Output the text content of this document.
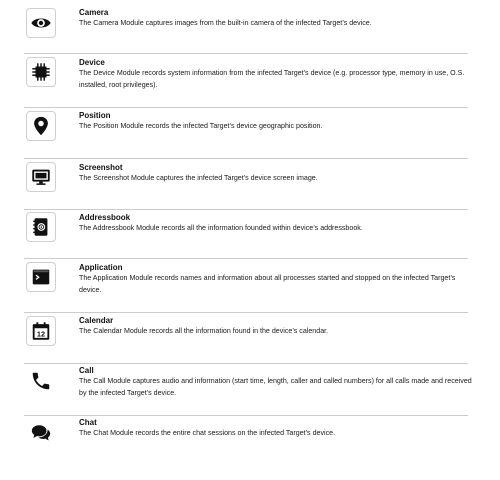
Camera
The Camera Module captures images from the built-in camera of the infected Target’s device.
Device
The Device Module records system information from the infected Target’s device (e.g. processor type, memory in use, O.S. installed, root privileges).
Position
The Position Module records the infected Target’s device geographic position.
Screenshot
The Screenshot Module captures the infected Target’s device screen image.
Addressbook
The Addressbook Module records all the information founded within device’s addressbook.
Application
The Application Module records names and information about all processes started and stopped on the infected Target’s device.
12
Calendar
The Calendar Module records all the information found in the device’s calendar.
Call
The Call Module captures audio and information (start time, length, caller and called numbers) for all calls made and received by the infected Target’s device.
Chat
The Chat Module records the entire chat sessions on the infected Target’s device.
